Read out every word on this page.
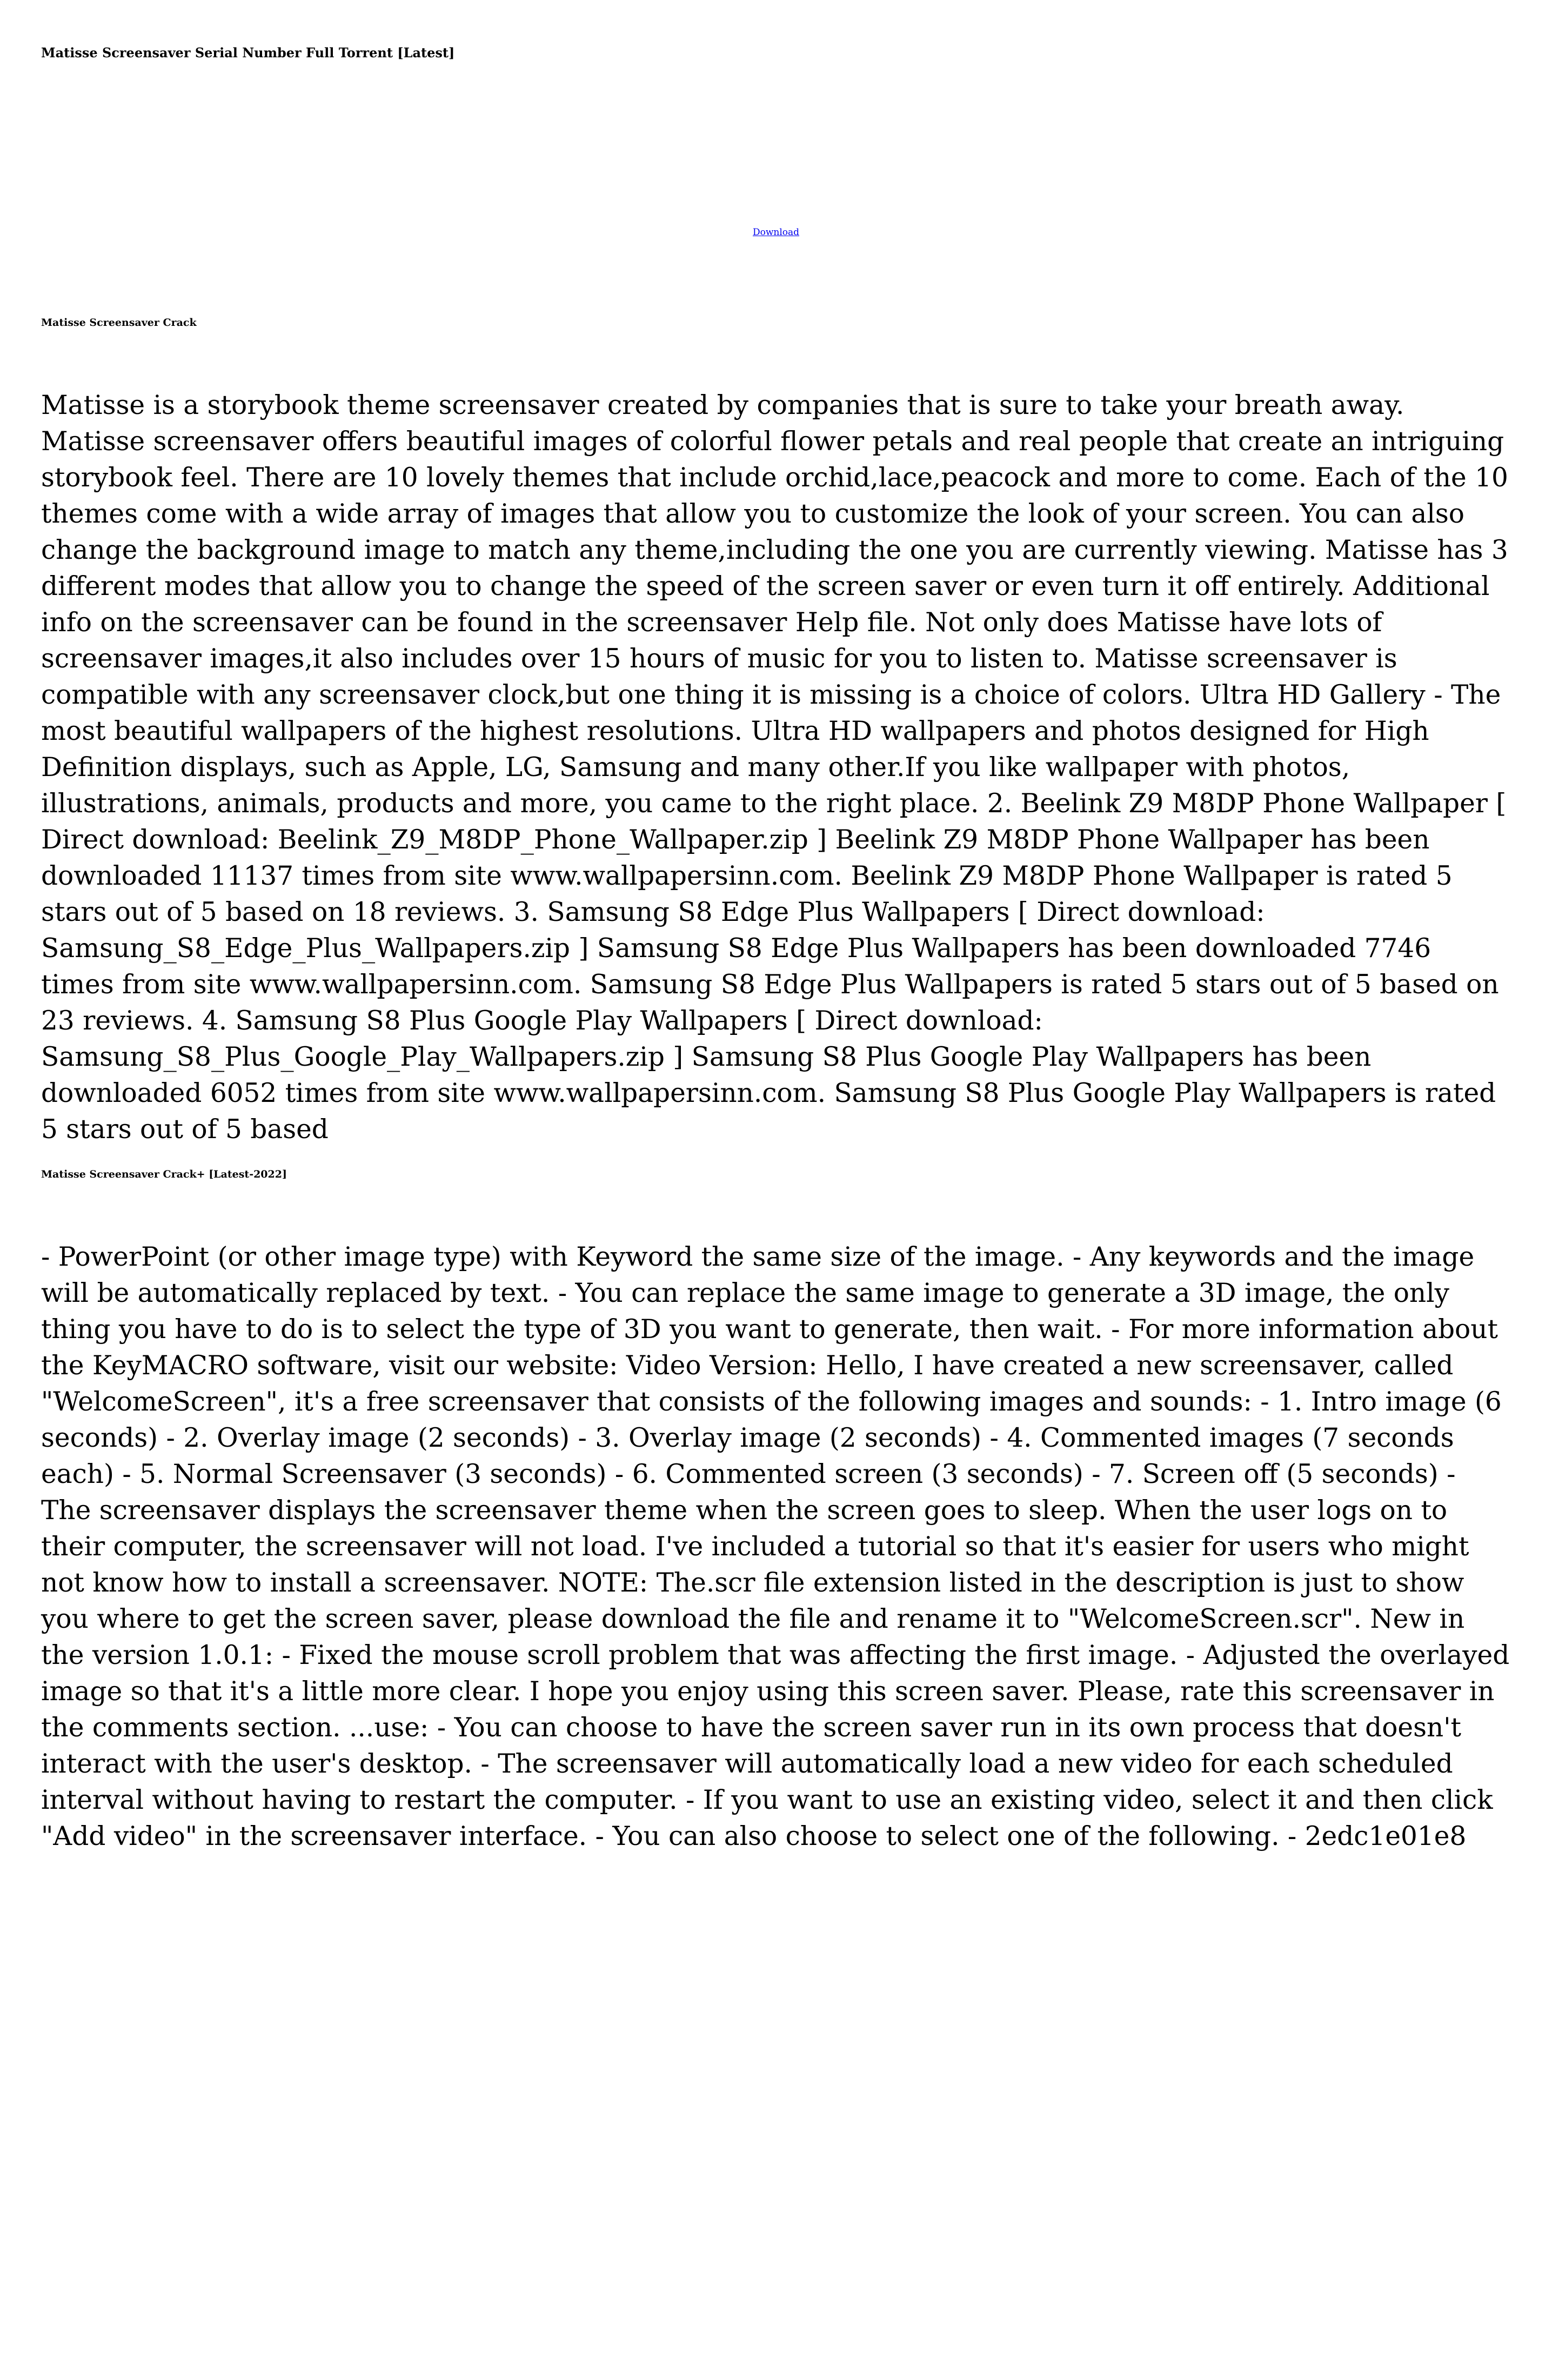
Matisse Screensaver Serial Number Full Torrent [Latest]
Download
Matisse Screensaver Crack

Matisse is a storybook theme screensaver created by companies that is sure to take your breath away. Matisse screensaver offers beautiful images of colorful flower petals and real people that create an intriguing storybook feel. There are 10 lovely themes that include orchid,lace,peacock and more to come. Each of the 10 themes come with a wide array of images that allow you to customize the look of your screen. You can also change the background image to match any theme,including the one you are currently viewing. Matisse has 3 different modes that allow you to change the speed of the screen saver or even turn it off entirely. Additional info on the screensaver can be found in the screensaver Help file. Not only does Matisse have lots of screensaver images,it also includes over 15 hours of music for you to listen to. Matisse screensaver is compatible with any screensaver clock,but one thing it is missing is a choice of colors. Ultra HD Gallery - The most beautiful wallpapers of the highest resolutions. Ultra HD wallpapers and photos designed for High Definition displays, such as Apple, LG, Samsung and many other.If you like wallpaper with photos, illustrations, animals, products and more, you came to the right place. 2. Beelink Z9 M8DP Phone Wallpaper [ Direct download: Beelink_Z9_M8DP_Phone_Wallpaper.zip ] Beelink Z9 M8DP Phone Wallpaper has been downloaded 11137 times from site www.wallpapersinn.com. Beelink Z9 M8DP Phone Wallpaper is rated 5 stars out of 5 based on 18 reviews. 3. Samsung S8 Edge Plus Wallpapers [ Direct download: Samsung_S8_Edge_Plus_Wallpapers.zip ] Samsung S8 Edge Plus Wallpapers has been downloaded 7746 times from site www.wallpapersinn.com. Samsung S8 Edge Plus Wallpapers is rated 5 stars out of 5 based on 23 reviews. 4. Samsung S8 Plus Google Play Wallpapers [ Direct download: Samsung_S8_Plus_Google_Play_Wallpapers.zip ] Samsung S8 Plus Google Play Wallpapers has been downloaded 6052 times from site www.wallpapersinn.com. Samsung S8 Plus Google Play Wallpapers is rated 5 stars out of 5 based

Matisse Screensaver Crack+ [Latest-2022]

- PowerPoint (or other image type) with Keyword the same size of the image. - Any keywords and the image will be automatically replaced by text. - You can replace the same image to generate a 3D image, the only thing you have to do is to select the type of 3D you want to generate, then wait. - For more information about the KeyMACRO software, visit our website: Video Version: Hello, I have created a new screensaver, called "WelcomeScreen", it's a free screensaver that consists of the following images and sounds: - 1. Intro image (6 seconds) - 2. Overlay image (2 seconds) - 3. Overlay image (2 seconds) - 4. Commented images (7 seconds each) - 5. Normal Screensaver (3 seconds) - 6. Commented screen (3 seconds) - 7. Screen off (5 seconds) - The screensaver displays the screensaver theme when the screen goes to sleep. When the user logs on to their computer, the screensaver will not load. I've included a tutorial so that it's easier for users who might not know how to install a screensaver. NOTE: The.scr file extension listed in the description is just to show you where to get the screen saver, please download the file and rename it to "WelcomeScreen.scr". New in the version 1.0.1: - Fixed the mouse scroll problem that was affecting the first image. - Adjusted the overlayed image so that it's a little more clear. I hope you enjoy using this screen saver. Please, rate this screensaver in the comments section. ...use: - You can choose to have the screen saver run in its own process that doesn't interact with the user's desktop. - The screensaver will automatically load a new video for each scheduled interval without having to restart the computer. - If you want to use an existing video, select it and then click "Add video" in the screensaver interface. - You can also choose to select one of the following. - 2edc1e01e8
